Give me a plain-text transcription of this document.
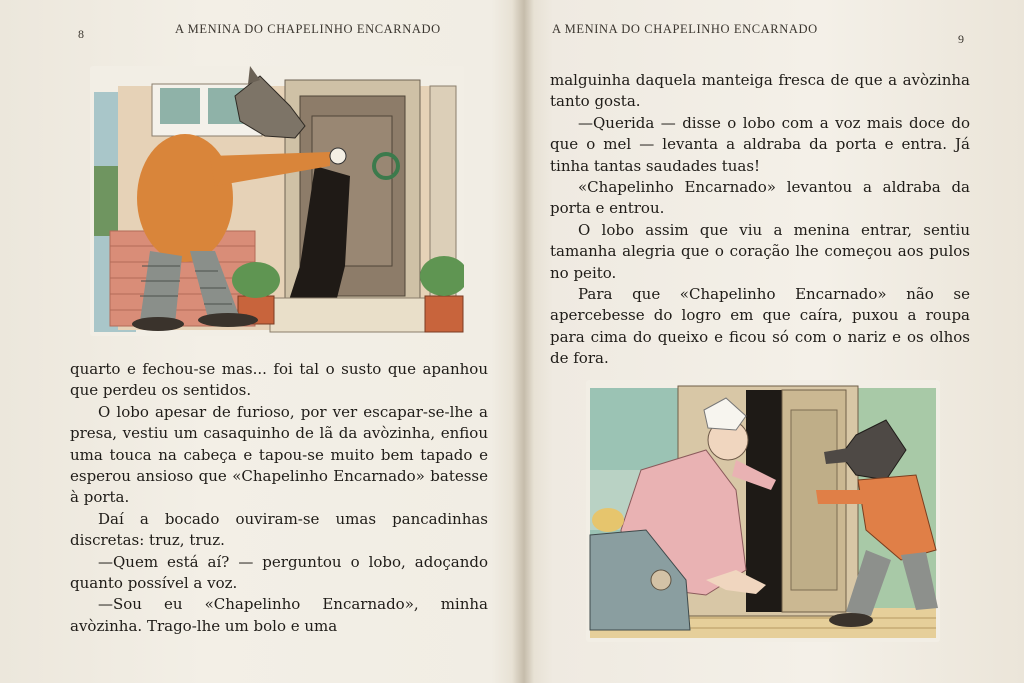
8	A MENINA DO CHAPELINHO ENCARNADO

quarto e fechou-se mas... foi tal o susto que apanhou que perdeu os sentidos.

O lobo apesar de furioso, por ver escapar-se-lhe a presa, vestiu um casaquinho de lã da avòzinha, enfiou uma touca na cabeça e tapou-se muito bem tapado e esperou ansioso que «Chapelinho Encarnado» batesse à porta.

Daí a bocado ouviram-se umas pancadinhas discretas: truz, truz.

—Quem está aí? — perguntou o lobo, adoçando quanto possível a voz.

—Sou eu «Chapelinho Encarnado», minha avòzinha. Trago-lhe um bolo e uma

A MENINA DO CHAPELINHO ENCARNADO
9

malguinha daquela manteiga fresca de que a avòzinha tanto gosta.

—Querida — disse o lobo com a voz mais doce do que o mel — levanta a aldraba da porta e entra. Já tinha tantas saudades tuas!

«Chapelinho Encarnado» levantou a aldraba da porta e entrou.

O lobo assim que viu a menina entrar, sentiu tamanha alegria que o coração lhe começou aos pulos no peito.

Para que «Chapelinho Encarnado» não se apercebesse do logro em que caíra, puxou a roupa para cima do queixo e ficou só com o nariz e os olhos de fora.
